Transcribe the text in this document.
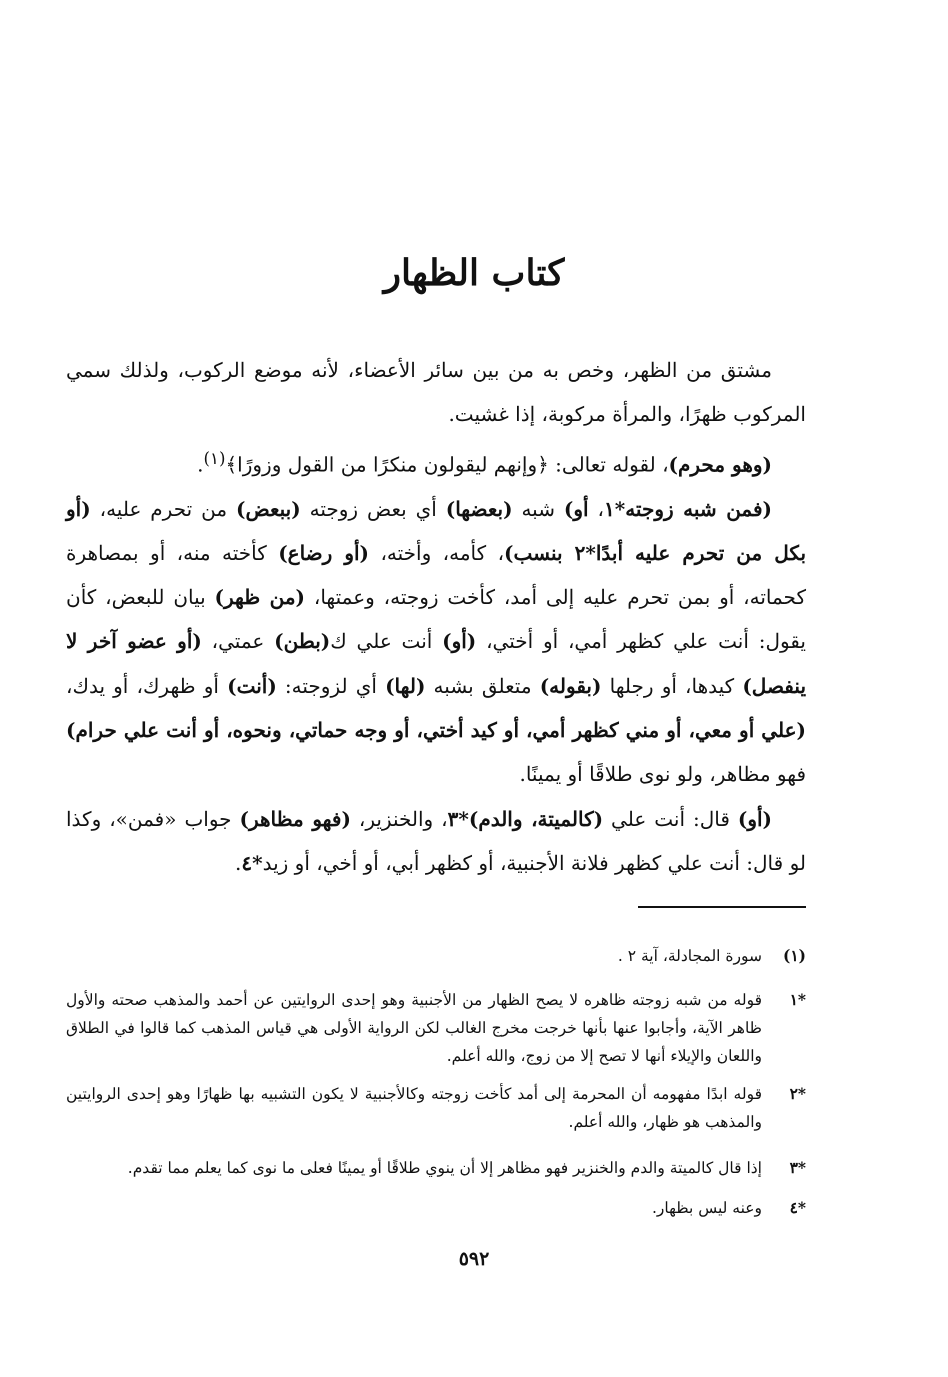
كتاب الظهار

مشتق من الظهر، وخص به من بين سائر الأعضاء، لأنه موضع الركوب، ولذلك سمي المركوب ظهرًا، والمرأة مركوبة، إذا غشيت.

(وهو محرم)، لقوله تعالى: ﴿وإنهم ليقولون منكرًا من القول وزورًا﴾$^{(١)}$.

(فمن شبه زوجته*١، أو) شبه (بعضها) أي بعض زوجته (ببعض) من تحرم عليه، (أو بكل من تحرم عليه أبدًا*٢ بنسب)، كأمه، وأخته، (أو رضاع) كأخته منه، أو بمصاهرة كحماته، أو بمن تحرم عليه إلى أمد، كأخت زوجته، وعمتها، (من ظهر) بيان للبعض، كأن يقول: أنت علي كظهر أمي، أو أختي، (أو) أنت علي ك(بطن) عمتي، (أو عضو آخر لا ينفصل) كيدها، أو رجلها (بقوله) متعلق بشبه (لها) أي لزوجته: (أنت) أو ظهرك، أو يدك، (علي أو معي، أو مني كظهر أمي، أو كيد أختي، أو وجه حماتي، ونحوه، أو أنت علي حرام) فهو مظاهر، ولو نوى طلاقًا أو يمينًا.

(أو) قال: أنت علي (كالميتة، والدم)*٣، والخنزير، (فهو مظاهر) جواب «فمن»، وكذا لو قال: أنت علي كظهر فلانة الأجنبية، أو كظهر أبي، أو أخي، أو زيد*٤.

(١)
سورة المجادلة، آية ٢ .
*١
قوله من شبه زوجته ظاهره لا يصح الظهار من الأجنبية وهو إحدى الروايتين عن أحمد والمذهب صحته والأول ظاهر الآية، وأجابوا عنها بأنها خرجت مخرج الغالب لكن الرواية الأولى هي قياس المذهب كما قالوا في الطلاق واللعان والإيلاء أنها لا تصح إلا من زوج، والله أعلم.
*٢
قوله ابدًا مفهومه أن المحرمة إلى أمد كأخت زوجته وكالأجنبية لا يكون التشبيه بها ظهارًا وهو إحدى الروايتين والمذهب هو ظهار، والله أعلم.
*٣
إذا قال كالميتة والدم والخنزير فهو مظاهر إلا أن ينوي طلاقًا أو يمينًا فعلى ما نوى كما يعلم مما تقدم.
*٤
وعنه ليس بظهار.
٥٩٢
